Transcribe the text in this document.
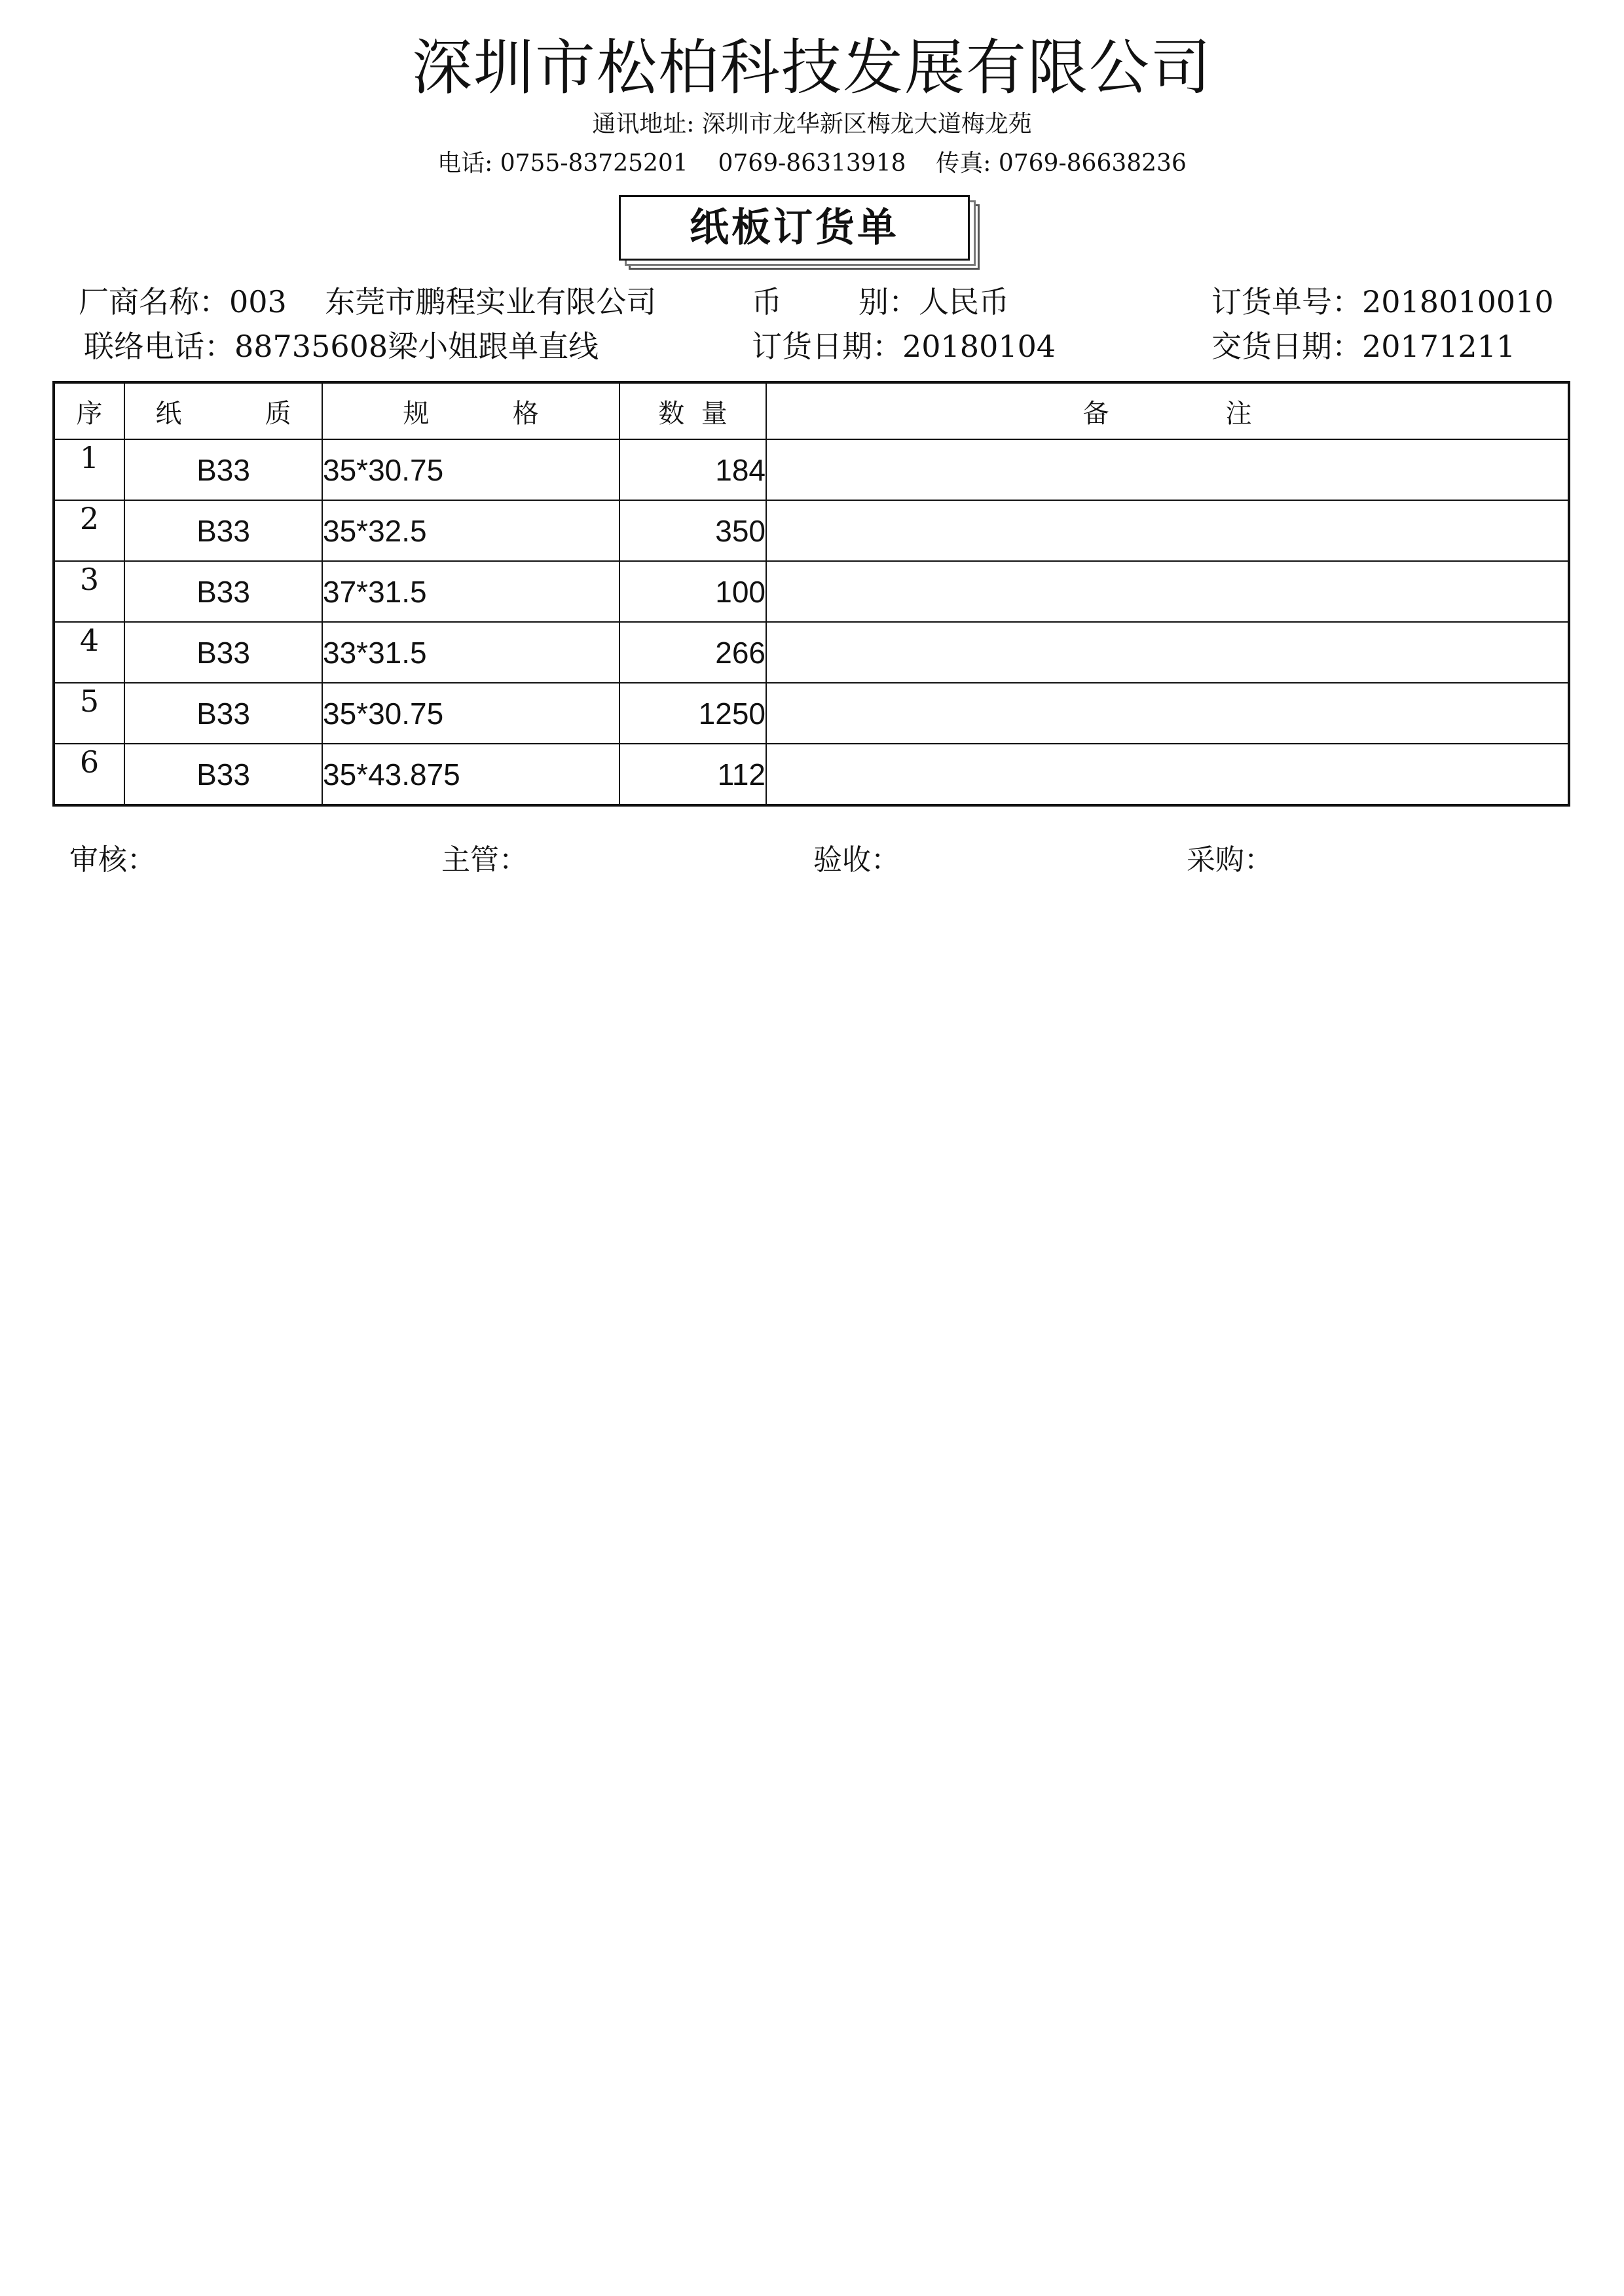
深圳市松柏科技发展有限公司
通讯地址: 深圳市龙华新区梅龙大道梅龙苑
电话: 0755-83725201    0769-86313918    传真: 0769-86638236
纸板订货单
厂商名称：003    东莞市鹏程实业有限公司	币        别：人民币	订货单号：2018010010
联络电话：88735608梁小姐跟单直线	订货日期：20180104	交货日期：20171211
序	纸          质	规          格	数  量	备              注
1	B33	35*30.75	184	
2	B33	35*32.5	350	
3	B33	37*31.5	100	
4	B33	33*31.5	266	
5	B33	35*30.75	1250	
6	B33	35*43.875	112	
审核：	主管：	验收：	采购：
